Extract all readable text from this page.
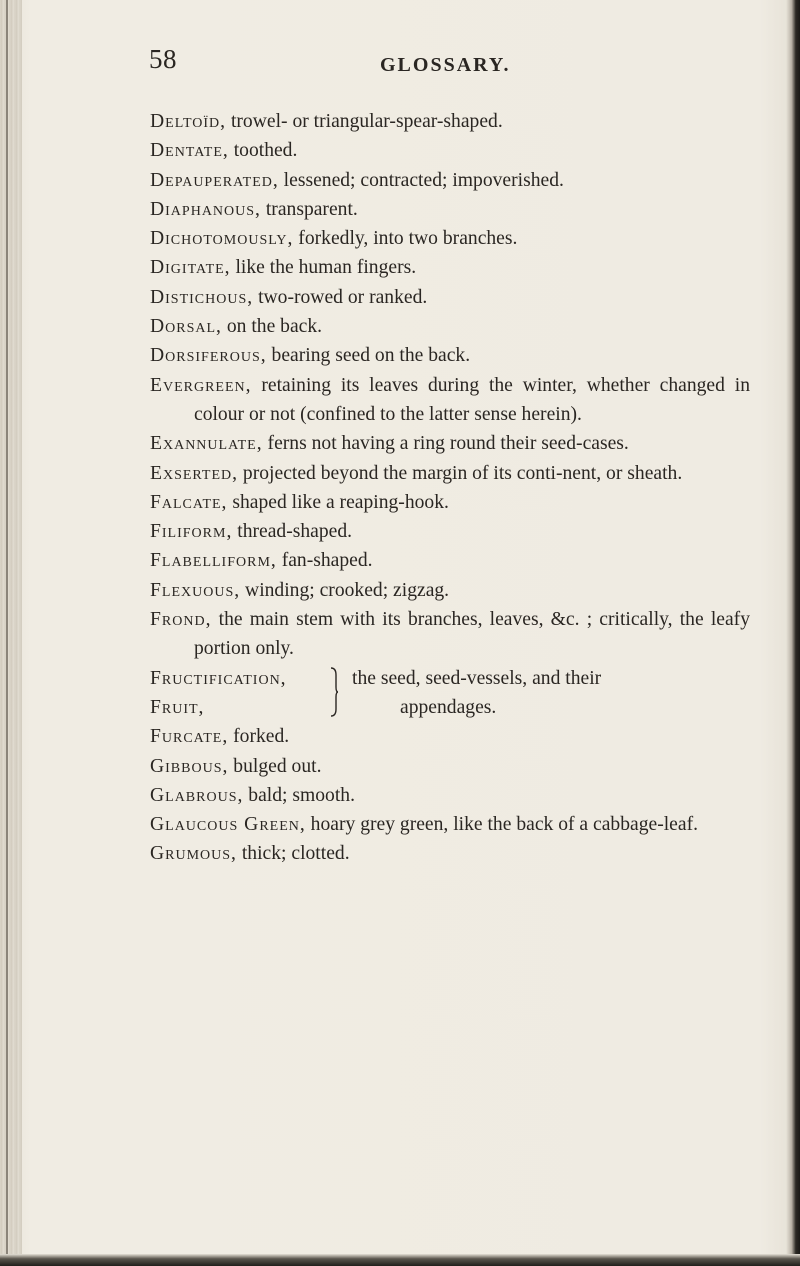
58	GLOSSARY.

Deltoïd, trowel- or triangular-spear-shaped.

Dentate, toothed.

Depauperated, lessened; contracted; impoverished.

Diaphanous, transparent.

Dichotomously, forkedly, into two branches.

Digitate, like the human fingers.

Distichous, two-rowed or ranked.

Dorsal, on the back.

Dorsiferous, bearing seed on the back.

Evergreen, retaining its leaves during the winter, whether changed in colour or not (confined to the latter sense herein).

Exannulate, ferns not having a ring round their seed-cases.

Exserted, projected beyond the margin of its conti-nent, or sheath.

Falcate, shaped like a reaping-hook.

Filiform, thread-shaped.

Flabelliform, fan-shaped.

Flexuous, winding; crooked; zigzag.

Frond, the main stem with its branches, leaves, &c. ; critically, the leafy portion only.

Fructification,
Fruit,
the seed, seed-vessels, and their
appendages.

Furcate, forked.

Gibbous, bulged out.

Glabrous, bald; smooth.

Glaucous Green, hoary grey green, like the back of a cabbage-leaf.

Grumous, thick; clotted.
